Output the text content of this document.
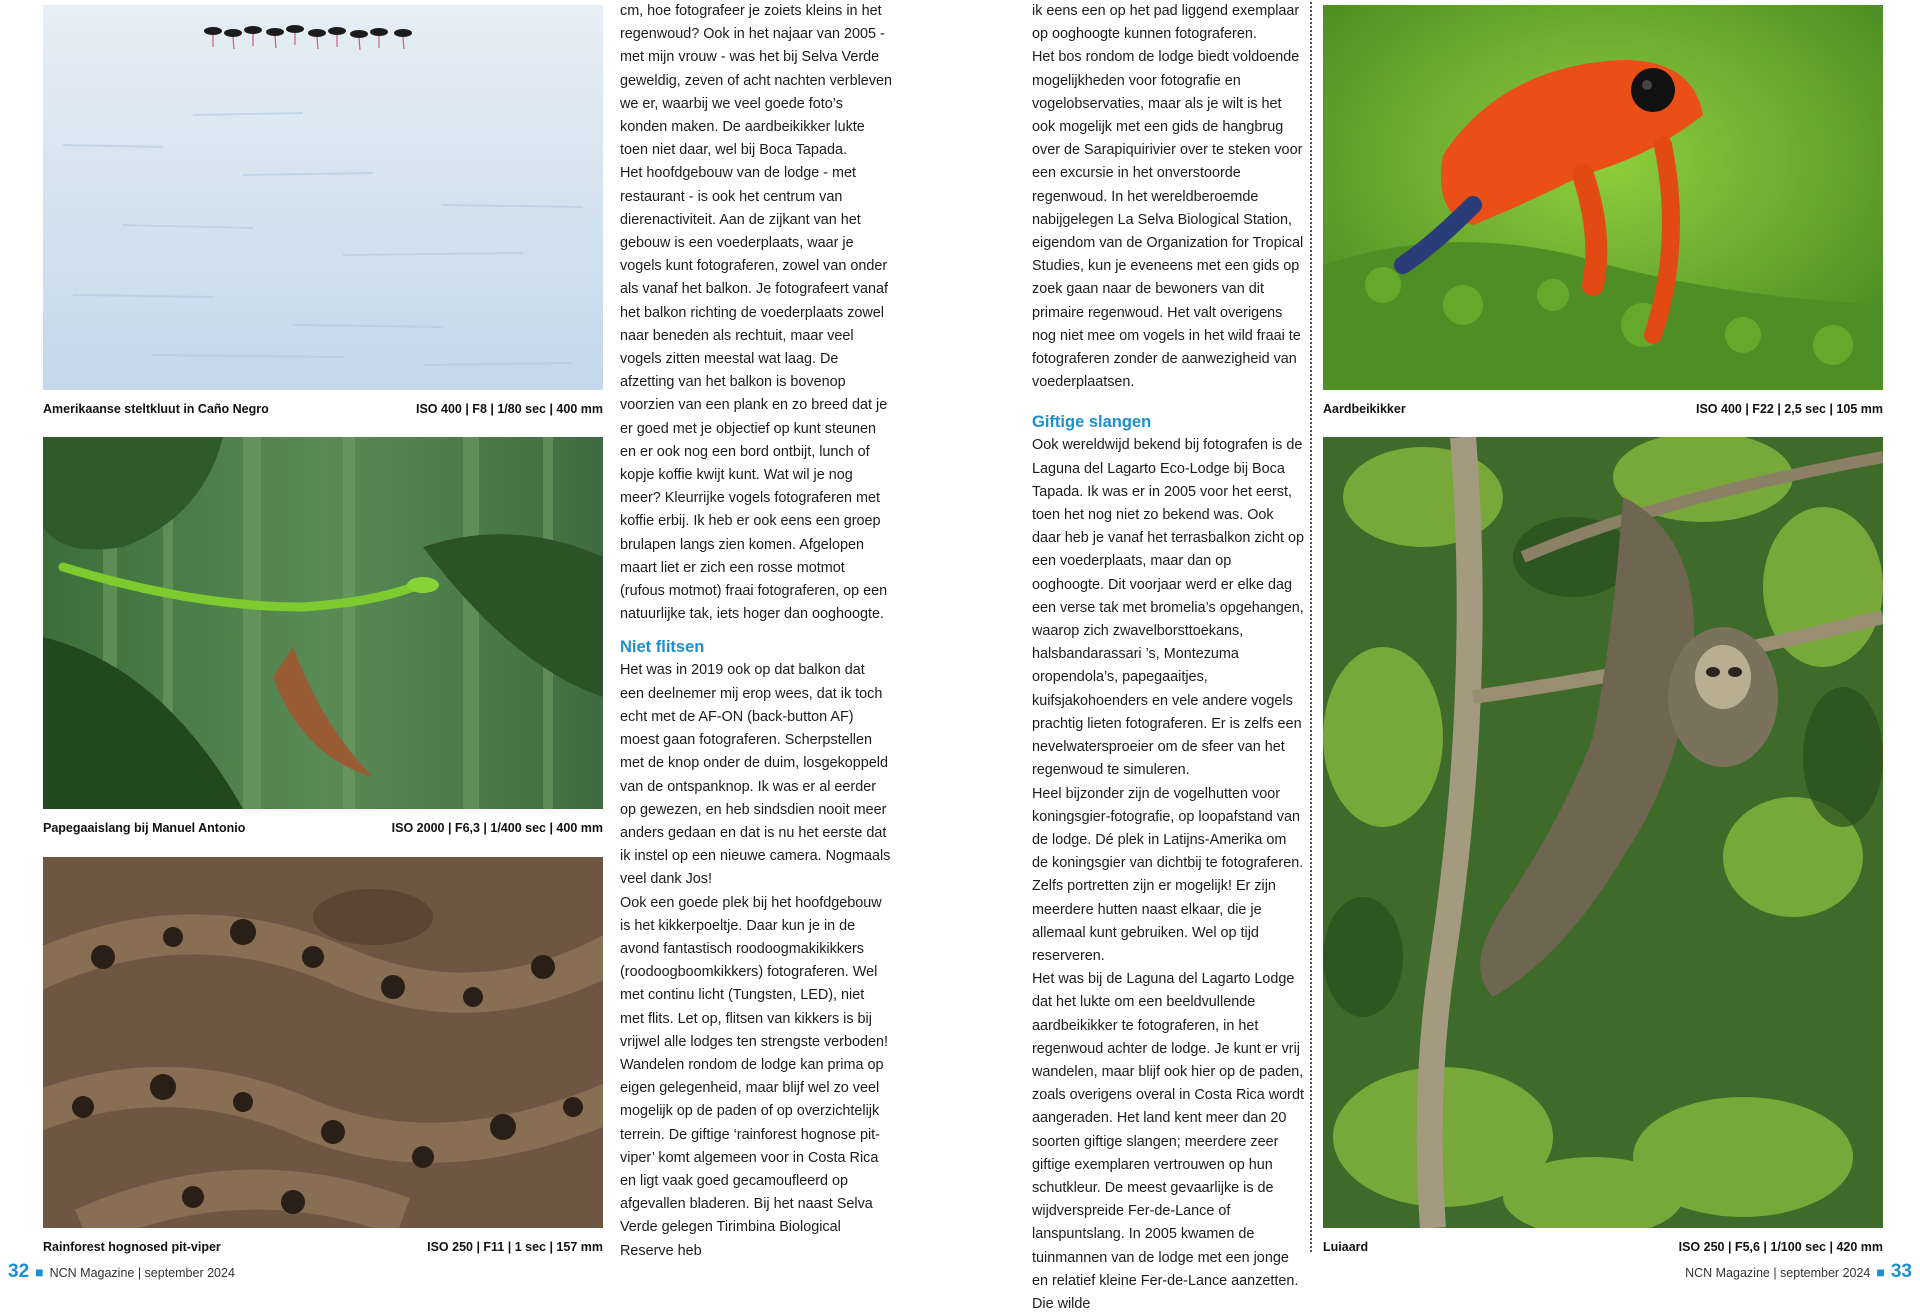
Amerikaanse steltkluut in Caño Negro	ISO 400 | F8 | 1/80 sec | 400 mm
Papegaaislang bij Manuel Antonio	ISO 2000 | F6,3 | 1/400 sec | 400 mm
Rainforest hognosed pit-viper	ISO 250 | F11 | 1 sec | 157 mm

cm, hoe fotografeer je zoiets kleins in het regenwoud? Ook in het najaar van 2005 - met mijn vrouw - was het bij Selva Verde geweldig, zeven of acht nachten verbleven we er, waarbij we veel goede foto’s konden maken. De aardbeikikker lukte toen niet daar, wel bij Boca Tapada.

Het hoofdgebouw van de lodge - met restaurant - is ook het centrum van dierenactiviteit. Aan de zijkant van het gebouw is een voederplaats, waar je vogels kunt fotograferen, zowel van onder als vanaf het balkon. Je fotografeert vanaf het balkon richting de voederplaats zowel naar beneden als rechtuit, maar veel vogels zitten meestal wat laag. De afzetting van het balkon is bovenop voorzien van een plank en zo breed dat je er goed met je objectief op kunt steunen en er ook nog een bord ontbijt, lunch of kopje koffie kwijt kunt. Wat wil je nog meer? Kleurrijke vogels fotograferen met koffie erbij. Ik heb er ook eens een groep brulapen langs zien komen. Afgelopen maart liet er zich een rosse motmot (rufous motmot) fraai fotograferen, op een natuurlijke tak, iets hoger dan ooghoogte.

Niet flitsen

Het was in 2019 ook op dat balkon dat een deelnemer mij erop wees, dat ik toch echt met de AF-ON (back-button AF) moest gaan fotograferen. Scherpstellen met de knop onder de duim, losgekoppeld van de ontspanknop. Ik was er al eerder op gewezen, en heb sindsdien nooit meer anders gedaan en dat is nu het eerste dat ik instel op een nieuwe camera. Nogmaals veel dank Jos!

Ook een goede plek bij het hoofdgebouw is het kikkerpoeltje. Daar kun je in de avond fantastisch roodoogmakikikkers (roodoogboomkikkers) fotograferen. Wel met continu licht (Tungsten, LED), niet met flits. Let op, flitsen van kikkers is bij vrijwel alle lodges ten strengste verboden!

Wandelen rondom de lodge kan prima op eigen gelegenheid, maar blijf wel zo veel mogelijk op de paden of op overzichtelijk terrein. De giftige ‘rainforest hognose pit-viper’ komt algemeen voor in Costa Rica en ligt vaak goed gecamoufleerd op afgevallen bladeren. Bij het naast Selva Verde gelegen Tirimbina Biological Reserve heb

ik eens een op het pad liggend exemplaar op ooghoogte kunnen fotograferen.

Het bos rondom de lodge biedt voldoende mogelijkheden voor fotografie en vogelobservaties, maar als je wilt is het ook mogelijk met een gids de hangbrug over de Sarapiquirivier over te steken voor een excursie in het onverstoorde regenwoud. In het wereldberoemde nabijgelegen La Selva Biological Station, eigendom van de Organization for Tropical Studies, kun je eveneens met een gids op zoek gaan naar de bewoners van dit primaire regenwoud. Het valt overigens nog niet mee om vogels in het wild fraai te fotograferen zonder de aanwezigheid van voederplaatsen.

Giftige slangen

Ook wereldwijd bekend bij fotografen is de Laguna del Lagarto Eco-Lodge bij Boca Tapada. Ik was er in 2005 voor het eerst, toen het nog niet zo bekend was. Ook daar heb je vanaf het terrasbalkon zicht op een voederplaats, maar dan op ooghoogte. Dit voorjaar werd er elke dag een verse tak met bromelia’s opgehangen, waarop zich zwavelborsttoekans, halsbandarassari ’s, Montezuma oropendola’s, papegaaitjes, kuifsjakohoenders en vele andere vogels prachtig lieten fotograferen. Er is zelfs een nevelwatersproeier om de sfeer van het regenwoud te simuleren.

Heel bijzonder zijn de vogelhutten voor koningsgier-fotografie, op loopafstand van de lodge. Dé plek in Latijns-Amerika om de koningsgier van dichtbij te fotograferen. Zelfs portretten zijn er mogelijk! Er zijn meerdere hutten naast elkaar, die je allemaal kunt gebruiken. Wel op tijd reserveren.

Het was bij de Laguna del Lagarto Lodge dat het lukte om een beeldvullende aardbeikikker te fotograferen, in het regenwoud achter de lodge. Je kunt er vrij wandelen, maar blijf ook hier op de paden, zoals overigens overal in Costa Rica wordt aangeraden. Het land kent meer dan 20 soorten giftige slangen; meerdere zeer giftige exemplaren vertrouwen op hun schutkleur. De meest gevaarlijke is de wijdverspreide Fer-de-Lance of lanspuntslang. In 2005 kwamen de tuinmannen van de lodge met een jonge en relatief kleine Fer-de-Lance aanzetten. Die wilde

Aardbeikikker	ISO 400 | F22 | 2,5 sec | 105 mm
Luiaard	ISO 250 | F5,6 | 1/100 sec | 420 mm
32 ■ NCN Magazine | september 2024	NCN Magazine | september 2024 ■ 33
